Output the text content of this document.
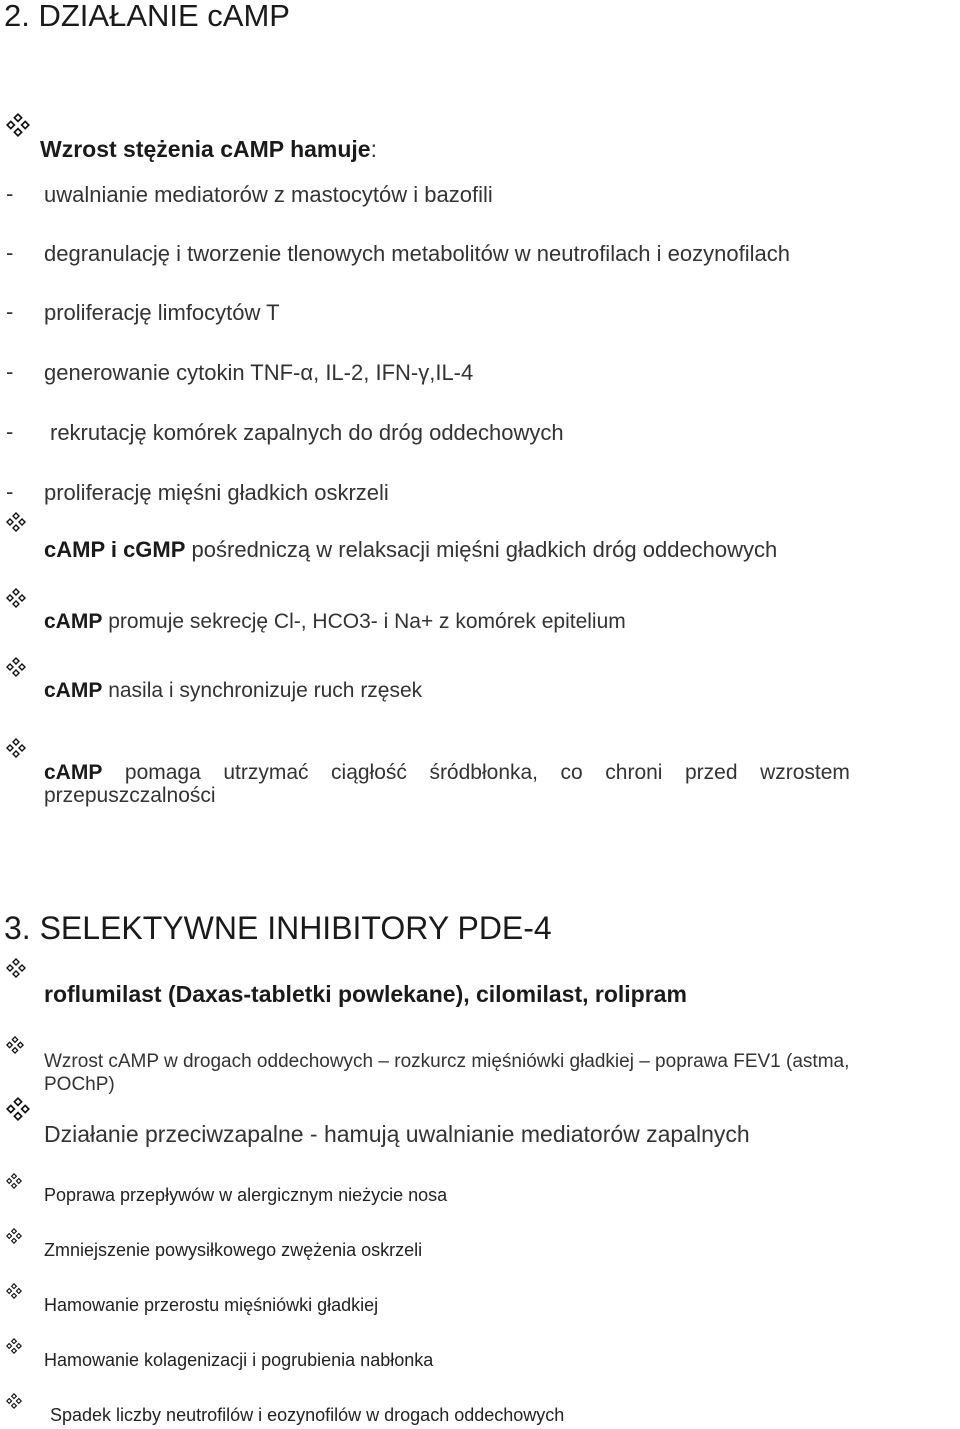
2. DZIAŁANIE cAMP
Wzrost stężenia cAMP hamuje:
- uwalnianie mediatorów z mastocytów i bazofili
- degranulację i tworzenie tlenowych metabolitów w neutrofilach i eozynofilach
- proliferację limfocytów T
- generowanie cytokin TNF-α, IL-2, IFN-γ,IL-4
- rekrutację komórek zapalnych do dróg oddechowych
- proliferację mięśni gładkich oskrzeli
cAMP i cGMP pośredniczą w relaksacji mięśni gładkich dróg oddechowych
cAMP promuje sekrecję Cl-, HCO3- i Na+ z komórek epitelium
cAMP nasila i synchronizuje ruch rzęsek
cAMP pomaga utrzymać ciągłość śródbłonka, co chroni przed wzrostem
przepuszczalności
3. SELEKTYWNE INHIBITORY PDE-4
roflumilast (Daxas-tabletki powlekane), cilomilast, rolipram
Wzrost cAMP w drogach oddechowych – rozkurcz mięśniówki gładkiej – poprawa FEV1 (astma,
POChP)
Działanie przeciwzapalne - hamują uwalnianie mediatorów zapalnych
Poprawa przepływów w alergicznym nieżycie nosa
Zmniejszenie powysiłkowego zwężenia oskrzeli
Hamowanie przerostu mięśniówki gładkiej
Hamowanie kolagenizacji i pogrubienia nabłonka
Spadek liczby neutrofilów i eozynofilów w drogach oddechowych
